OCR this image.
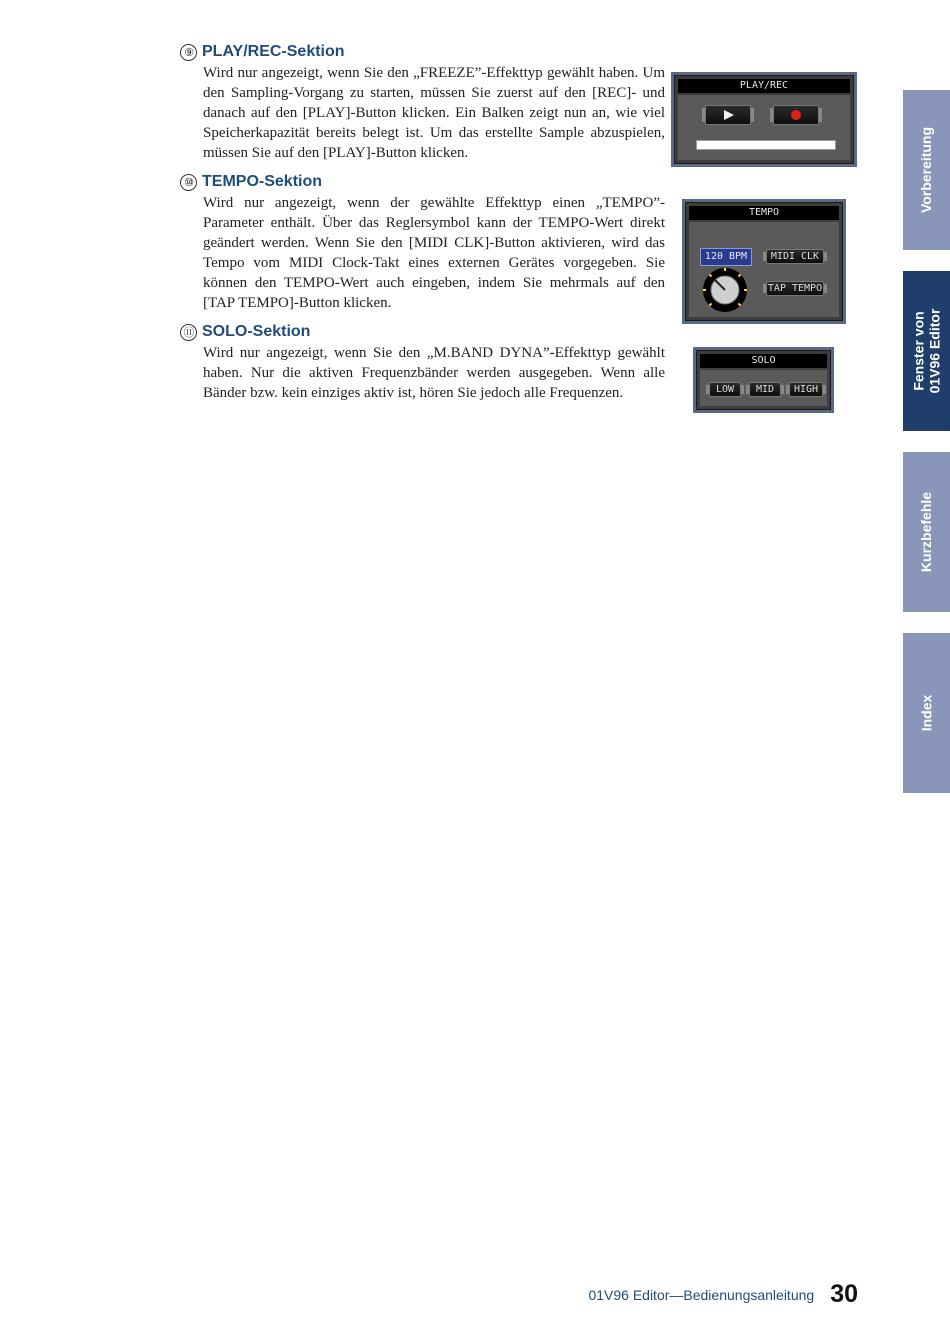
⑨ PLAY/REC-Sektion
Wird nur angezeigt, wenn Sie den „FREEZE”-Effekttyp gewählt haben. Um den Sampling-Vorgang zu starten, müssen Sie zuerst auf den [REC]- und danach auf den [PLAY]-Button klicken. Ein Balken zeigt nun an, wie viel Speicherkapazität bereits belegt ist. Um das erstellte Sample abzuspielen, müssen Sie auf den [PLAY]-Button klicken.
⑩ TEMPO-Sektion
Wird nur angezeigt, wenn der gewählte Effekttyp einen „TEMPO”-Parameter enthält. Über das Reglersymbol kann der TEMPO-Wert direkt geändert werden. Wenn Sie den [MIDI CLK]-Button aktivieren, wird das Tempo vom MIDI Clock-Takt eines externen Gerätes vorgegeben. Sie können den TEMPO-Wert auch eingeben, indem Sie mehrmals auf den [TAP TEMPO]-Button klicken.
⑪ SOLO-Sektion
Wird nur angezeigt, wenn Sie den „M.BAND DYNA”-Effekttyp gewählt haben. Nur die aktiven Frequenzbänder werden ausgegeben. Wenn alle Bänder bzw. kein einziges aktiv ist, hören Sie jedoch alle Frequenzen.
PLAY/REC
TEMPO
120 BPM	MIDI CLK
TAP TEMPO
SOLO
LOW	MID	HIGH
Vorbereitung
Fenster von
01V96 Editor
Kurzbefehle
Index
01V96 Editor—Bedienungsanleitung 30
